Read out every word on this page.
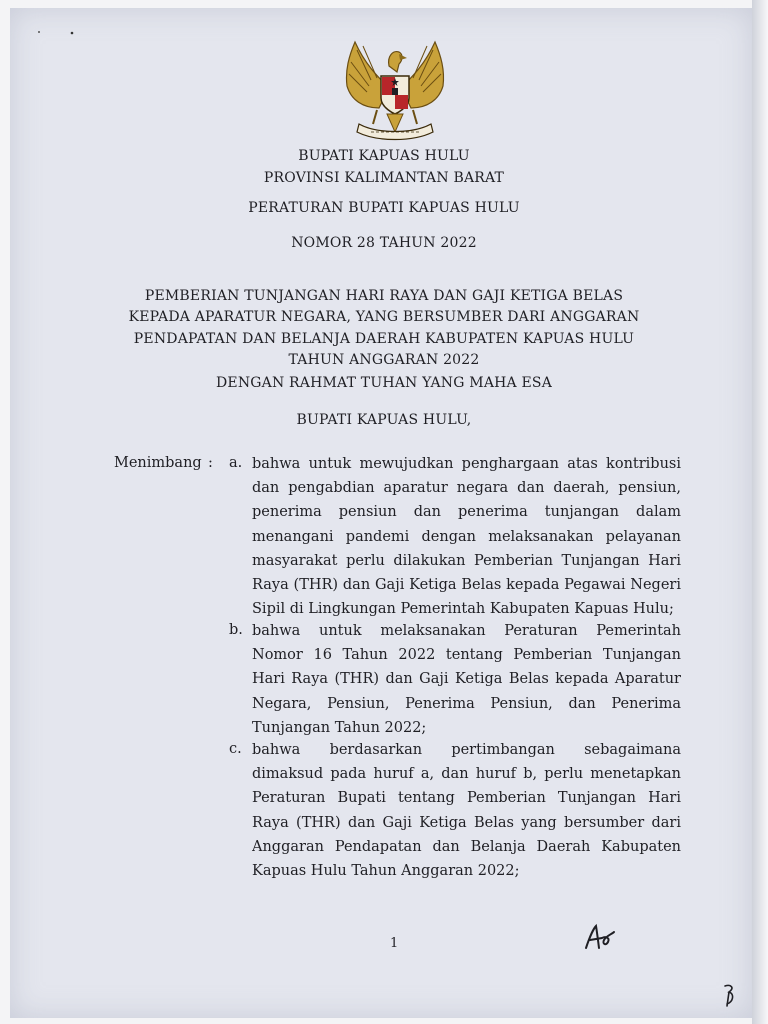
BUPATI KAPUAS HULU
PROVINSI KALIMANTAN BARAT
PERATURAN BUPATI KAPUAS HULU
NOMOR 28 TAHUN 2022
PEMBERIAN TUNJANGAN HARI RAYA DAN GAJI KETIGA BELAS
KEPADA APARATUR NEGARA, YANG BERSUMBER DARI ANGGARAN
PENDAPATAN DAN BELANJA DAERAH KABUPATEN KAPUAS HULU
TAHUN ANGGARAN 2022
DENGAN RAHMAT TUHAN YANG MAHA ESA
BUPATI KAPUAS HULU,
Menimbang : a. bahwa untuk mewujudkan penghargaan atas kontribusi
dan pengabdian aparatur negara dan daerah, pensiun,
penerima pensiun dan penerima tunjangan dalam
menangani pandemi dengan melaksanakan pelayanan
masyarakat perlu dilakukan Pemberian Tunjangan Hari
Raya (THR) dan Gaji Ketiga Belas kepada Pegawai Negeri
Sipil di Lingkungan Pemerintah Kabupaten Kapuas Hulu;
b. bahwa untuk melaksanakan Peraturan Pemerintah
Nomor 16 Tahun 2022 tentang Pemberian Tunjangan
Hari Raya (THR) dan Gaji Ketiga Belas kepada Aparatur
Negara, Pensiun, Penerima Pensiun, dan Penerima
Tunjangan Tahun 2022;
c. bahwa berdasarkan pertimbangan sebagaimana
dimaksud pada huruf a, dan huruf b, perlu menetapkan
Peraturan Bupati tentang Pemberian Tunjangan Hari
Raya (THR) dan Gaji Ketiga Belas yang bersumber dari
Anggaran Pendapatan dan Belanja Daerah Kabupaten
Kapuas Hulu Tahun Anggaran 2022;
1
